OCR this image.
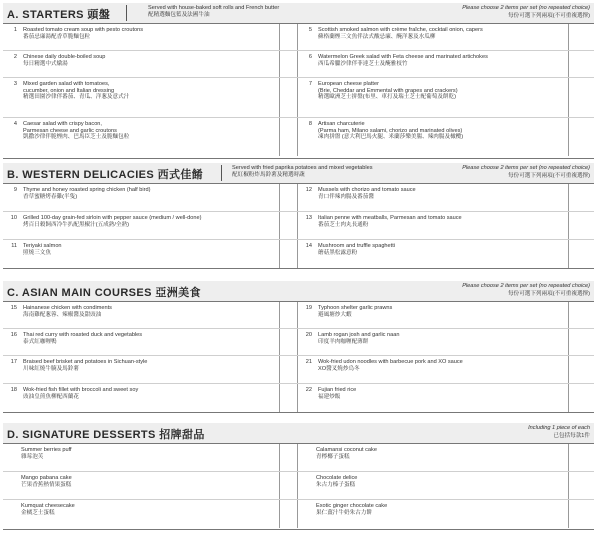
A. STARTERS 頭盤
Served with house-baked soft rolls and French butter
配精選麵包籃及法國牛油
Please choose 2 items per set (no repeated choice)
每份可選下列兩項(不可重複選擇)
1 Roasted tomato cream soup with pesto croutons
番茄忌廉湯配香草脆麵包粒
5 Scottish smoked salmon with crème fraîche, cocktail onion, capers
蘇格蘭煙三文魚伴法式酸忌廉、醃洋葱及水瓜柳
2 Chinese daily double-boiled soup
每日精選中式燉湯
6 Watermelon Greek salad with Feta cheese and marinated artichokes
西瓜希臘沙律伴菲達芝士及醃雅枝竹
3 Mixed garden salad with tomatoes,
cucumber, onion and Italian dressing
精選田園沙律伴番茄、青瓜、洋葱及意式汁
7 European cheese platter
(Brie, Cheddar and Emmental with grapes and crackers)
精選歐洲芝士拼盤(布里、車打及瑞士芝士配葡萄及餅乾)
4 Caesar salad with crispy bacon,
Parmesan cheese and garlic croutons
凱撒沙律伴脆煙肉、巴馬臣芝士及脆麵包粒
8 Artisan charcuterie
(Parma ham, Milano salami, chorizo and marinated olives)
凍肉拼盤 (意大利巴馬火腿、米蘭莎樂美腸、辣肉腸及橄欖)
B. WESTERN DELICACIES 西式佳餚
Served with fried paprika potatoes and mixed vegetables
配紅椒粉炸馬鈴薯及精選時蔬
Please choose 2 items per set (no repeated choice)
每份可選下列兩項(不可重複選擇)
9 Thyme and honey roasted spring chicken (half bird)
香草蜜糖烤春雞(半隻)
12 Mussels with chorizo and tomato sauce
青口伴辣肉腸及番茄醬
10 Grilled 100-day grain-fed sirloin with pepper sauce (medium / well-done)
烤百日穀飼西冷牛扒配黑椒汁(五成熟/全熟)
13 Italian penne with meatballs, Parmesan and tomato sauce
番茄芝士肉丸長通粉
11 Teriyaki salmon
照燒三文魚
14 Mushroom and truffle spaghetti
蘑菇黑松露意粉
C. ASIAN MAIN COURSES 亞洲美食
Please choose 2 items per set (no repeated choice)
每份可選下列兩項(不可重複選擇)
15 Hainanese chicken with condiments
海南雞配葱蓉、辣椒醬及甜豉油
19 Typhoon shelter garlic prawns
避風塘炒大蝦
16 Thai red curry with roasted duck and vegetables
泰式紅咖喱鴨
20 Lamb rogan josh and garlic naan
印度羊肉咖喱配薄餅
17 Braised beef brisket and potatoes in Sichuan-style
川味紅燒牛腩及馬鈴薯
21 Wok-fried udon noodles with barbecue pork and XO sauce
XO醬叉燒炒烏冬
18 Wok-fried fish fillet with broccoli and sweet soy
豉油皇煎魚柳配西蘭花
22 Fujian fried rice
福建炒飯
D. SIGNATURE DESSERTS 招牌甜品
Including 1 piece of each
已包括每款1件
Summer berries puff
雜莓泡芙
Calamansi coconut cake
青檸椰子蛋糕
Mango pabana cake
芒果香蕉熱情果蛋糕
Chocolate delice
朱古力榛子蛋糕
Kumquat cheesecake
金橘芝士蛋糕
Exotic ginger chocolate cake
果仁薑汁牛奶朱古力餅
